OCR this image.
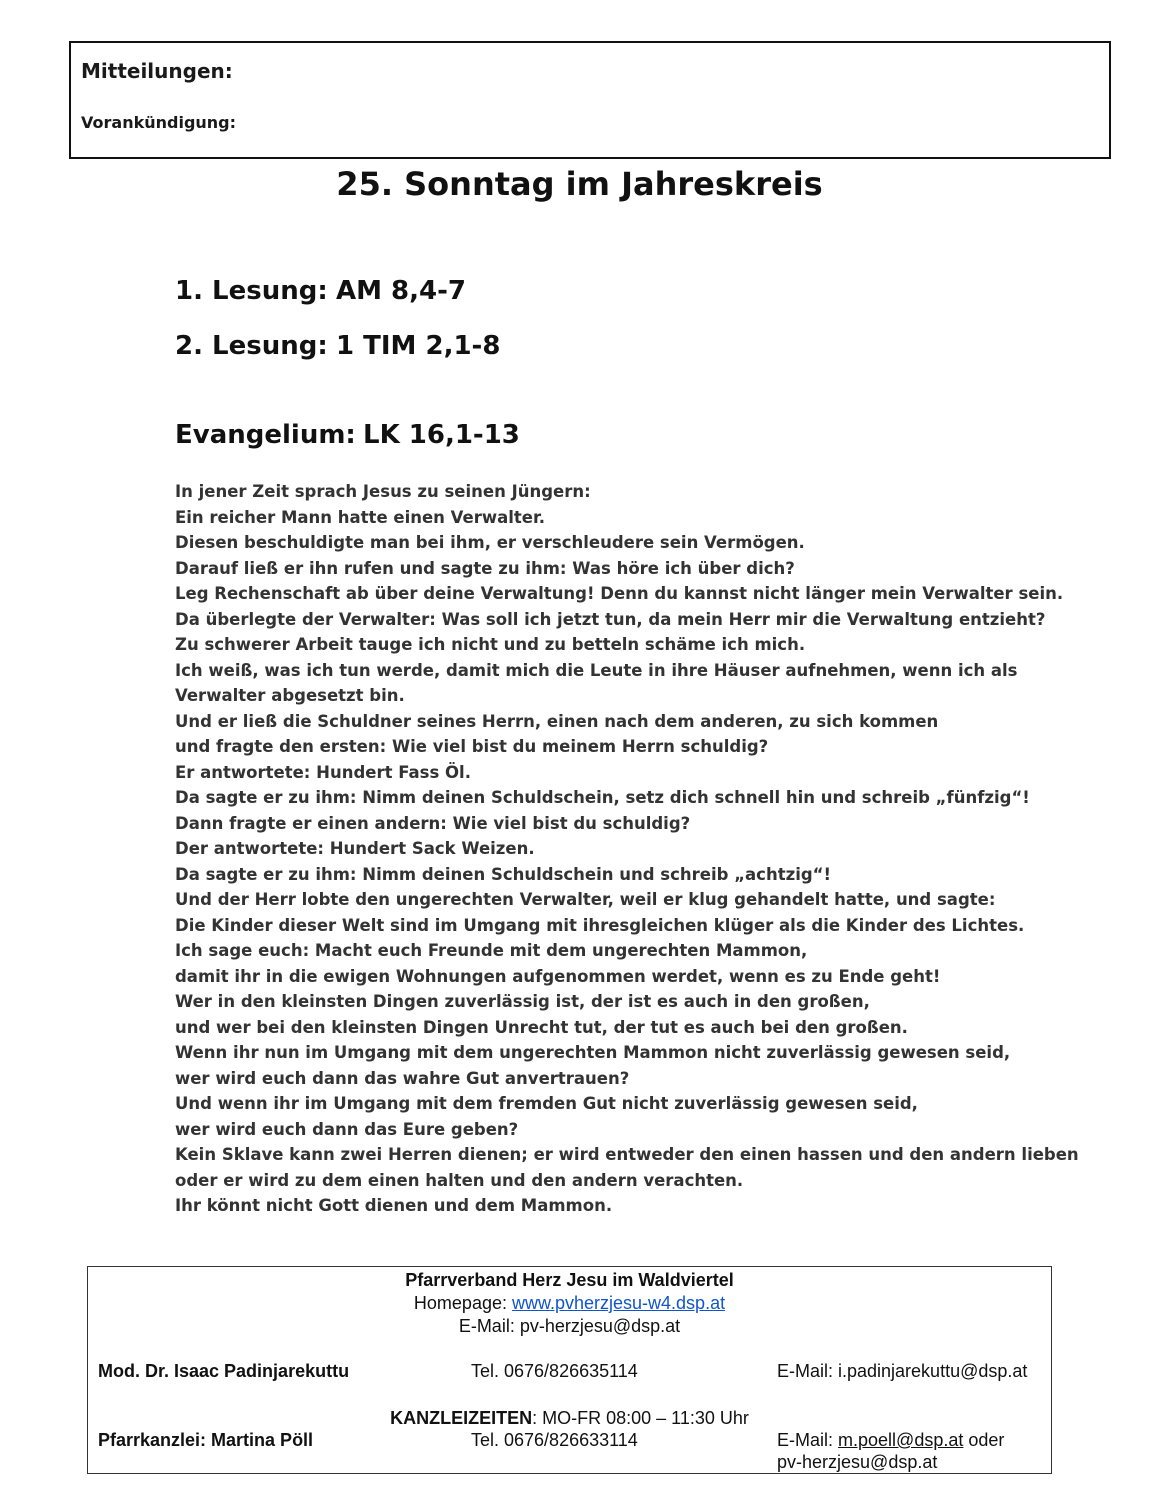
Mitteilungen:
Vorankündigung:
25. Sonntag im Jahreskreis
1. Lesung: AM 8,4-7
2. Lesung: 1 TIM 2,1-8
Evangelium: LK 16,1-13
In jener Zeit sprach Jesus zu seinen Jüngern:
Ein reicher Mann hatte einen Verwalter.
Diesen beschuldigte man bei ihm, er verschleudere sein Vermögen.
Darauf ließ er ihn rufen und sagte zu ihm: Was höre ich über dich?
Leg Rechenschaft ab über deine Verwaltung! Denn du kannst nicht länger mein Verwalter sein.
Da überlegte der Verwalter: Was soll ich jetzt tun, da mein Herr mir die Verwaltung entzieht?
Zu schwerer Arbeit tauge ich nicht und zu betteln schäme ich mich.
Ich weiß, was ich tun werde, damit mich die Leute in ihre Häuser aufnehmen, wenn ich als
Verwalter abgesetzt bin.
Und er ließ die Schuldner seines Herrn, einen nach dem anderen, zu sich kommen
und fragte den ersten: Wie viel bist du meinem Herrn schuldig?
Er antwortete: Hundert Fass Öl.
Da sagte er zu ihm: Nimm deinen Schuldschein, setz dich schnell hin und schreib „fünfzig“!
Dann fragte er einen andern: Wie viel bist du schuldig?
Der antwortete: Hundert Sack Weizen.
Da sagte er zu ihm: Nimm deinen Schuldschein und schreib „achtzig“!
Und der Herr lobte den ungerechten Verwalter, weil er klug gehandelt hatte, und sagte:
Die Kinder dieser Welt sind im Umgang mit ihresgleichen klüger als die Kinder des Lichtes.
Ich sage euch: Macht euch Freunde mit dem ungerechten Mammon,
damit ihr in die ewigen Wohnungen aufgenommen werdet, wenn es zu Ende geht!
Wer in den kleinsten Dingen zuverlässig ist, der ist es auch in den großen,
und wer bei den kleinsten Dingen Unrecht tut, der tut es auch bei den großen.
Wenn ihr nun im Umgang mit dem ungerechten Mammon nicht zuverlässig gewesen seid,
wer wird euch dann das wahre Gut anvertrauen?
Und wenn ihr im Umgang mit dem fremden Gut nicht zuverlässig gewesen seid,
wer wird euch dann das Eure geben?
Kein Sklave kann zwei Herren dienen; er wird entweder den einen hassen und den andern lieben
oder er wird zu dem einen halten und den andern verachten.
Ihr könnt nicht Gott dienen und dem Mammon.
Pfarrverband Herz Jesu im Waldviertel
Homepage: www.pvherzjesu-w4.dsp.at
E-Mail: pv-herzjesu@dsp.at
Mod. Dr. Isaac Padinjarekuttu	Tel. 0676/826635114	E-Mail: i.padinjarekuttu@dsp.at
KANZLEIZEITEN: MO-FR 08:00 – 11:30 Uhr
Pfarrkanzlei: Martina Pöll	Tel. 0676/826633114	E-Mail: m.poell@dsp.at oder
pv-herzjesu@dsp.at
